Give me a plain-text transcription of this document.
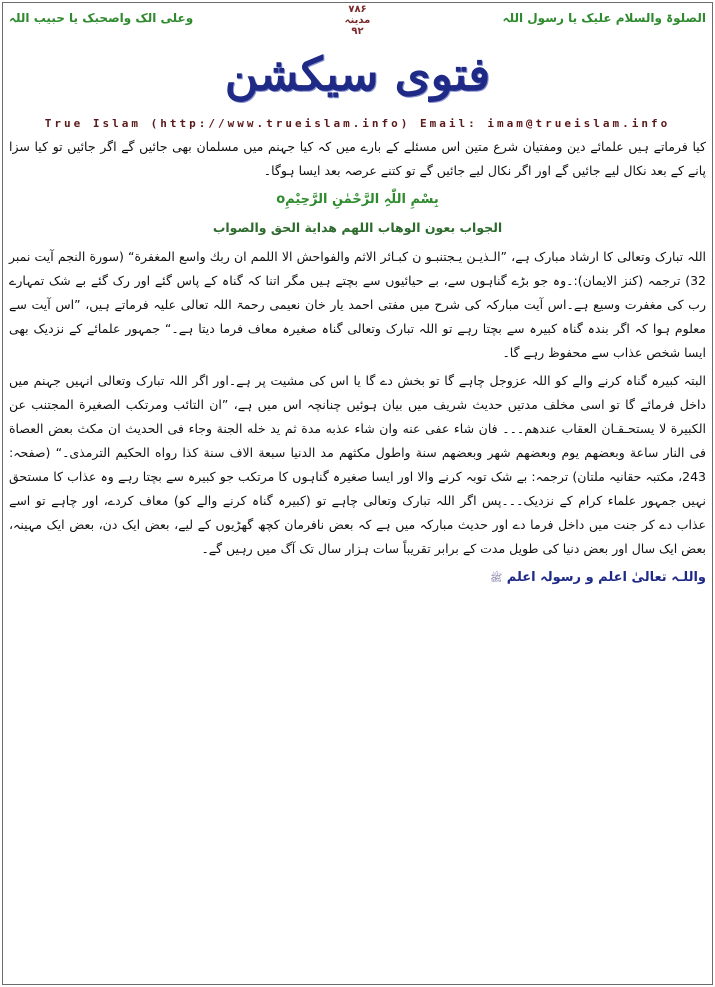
الصلوۃ والسلام علیک یا رسول اللہ
۷۸۶
مدینہ
۹۲
وعلی الک واصحبک یا حبیب اللہ
فتوی سیکشن
True Islam (http://www.trueislam.info) Email: imam@trueislam.info

کیا فرماتے ہیں علمائے دین ومفتیان شرع متین اس مسئلے کے بارے میں کہ کیا جہنم میں مسلمان بھی جائیں گے اگر جائیں تو کیا سزا پانے کے بعد نکال لیے جائیں گے اور اگر نکال لیے جائیں گے تو کتنے عرصہ بعد ایسا ہوگا۔

بِسْمِ اللّٰہِ الرَّحْمٰنِ الرَّحِیْمِo
الجواب بعون الوهاب اللهم هداية الحق والصواب

اللہ تبارک وتعالی کا ارشاد مبارک ہے، ”الـذيـن يـجتنبـو ن كبـائر الاثم والفواحش الا اللمم ان ربك واسع المغفرة“ (سورة النجم آیت نمبر 32) ترجمہ (کنز الایمان):۔وہ جو بڑے گناہوں سے، بے حیائیوں سے بچتے ہیں مگر اتنا کہ گناہ کے پاس گئے اور رک گئے بے شک تمہارے رب کی مغفرت وسیع ہے۔اس آیت مبارکہ کی شرح میں مفتی احمد یار خان نعیمی رحمۃ اللہ تعالی علیہ فرماتے ہیں، ”اس آیت سے معلوم ہوا کہ اگر بندہ گناہ کبیرہ سے بچتا رہے تو اللہ تبارک وتعالی گناہ صغیرہ معاف فرما دیتا ہے۔“ جمہور علمائے کے نزدیک بھی ایسا شخص عذاب سے محفوظ رہے گا۔

البتہ کبیرہ گناہ کرنے والے کو اللہ عزوجل چاہے گا تو بخش دے گا یا اس کی مشیت پر ہے۔اور اگر اللہ تبارک وتعالی انہیں جہنم میں داخل فرمائے گا تو اسی مخلف مدتیں حدیث شریف میں بیان ہوئیں چنانچہ اس میں ہے، ”ان التائب ومرتكب الصغيرة المجتنب عن الكبيرة لا يستحـقـان العقاب عندهم۔۔۔ فان شاء عفى عنه وان شاء عذبه مدة ثم يد خله الجنة وجاء فى الحديث ان مكث بعض العصاة فى النار ساعة وبعضهم يوم وبعضهم شهر وبعضهم سنة واطول مكثهم مد الدنيا سبعة الاف سنة كذا رواه الحكيم الترمذى۔“ (صفحہ: 243، مکتبہ حقانیہ ملتان) ترجمہ: بے شک توبہ کرنے والا اور ایسا صغیرہ گناہوں کا مرتکب جو کبیرہ سے بچتا رہے وہ عذاب کا مستحق نہیں جمہور علماء کرام کے نزدیک۔۔۔پس اگر اللہ تبارک وتعالی چاہے تو (کبیرہ گناہ کرنے والے کو) معاف کردے، اور چاہے تو اسے عذاب دے کر جنت میں داخل فرما دے اور حدیث مبارکہ میں ہے کہ بعض نافرمان کچھ گھڑیوں کے لیے، بعض ایک دن، بعض ایک مہینہ، بعض ایک سال اور بعض دنیا کی طویل مدت کے برابر تقریباً سات ہزار سال تک آگ میں رہیں گے۔

واللـہ تعالیٰ اعلم و رسولہ اعلم ﷺ
